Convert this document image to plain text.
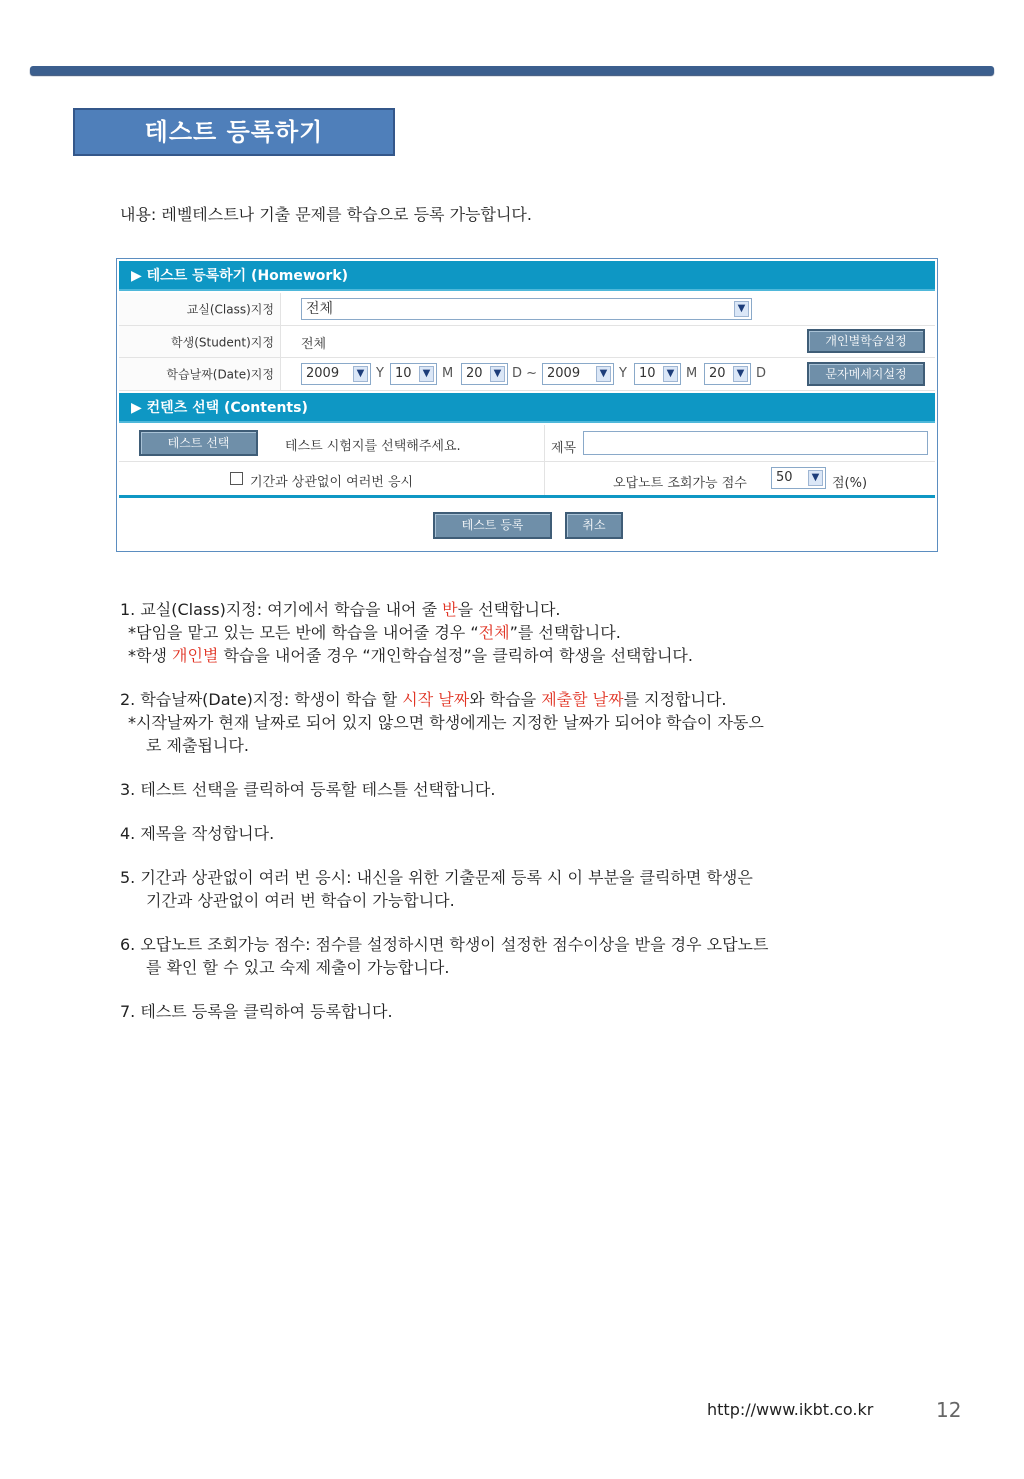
테스트 등록하기
내용: 레벨테스트나 기출 문제를 학습으로 등록 가능합니다.
▶ 테스트 등록하기 (Homework)
교실(Class)지정	전체	▼
학생(Student)지정 전체	개인별학습설정
학습날짜(Date)지정	2009	▼ Y 10	▼ M 20	▼ D ~ 2009	▼ Y 10	▼ M 20	▼ D	문자메세지설정
▶ 컨텐츠 선택 (Contents)
테스트 선택	테스트 시험지를 선택해주세요.	제목
기간과 상관없이 여러번 응시	오답노트 조회가능 점수	50	▼ 점(%)
테스트 등록	취소

1. 교실(Class)지정: 여기에서 학습을 내어 줄 반을 선택합니다.

*담임을 맡고 있는 모든 반에 학습을 내어줄 경우 “전체”를 선택합니다.

*학생 개인별 학습을 내어줄 경우 “개인학습설정”을 클릭하여 학생을 선택합니다.

2. 학습날짜(Date)지정: 학생이 학습 할 시작 날짜와 학습을 제출할 날짜를 지정합니다.

*시작날짜가 현재 날짜로 되어 있지 않으면 학생에게는 지정한 날짜가 되어야 학습이 자동으

로 제출됩니다.

3. 테스트 선택을 클릭하여 등록할 테스틀 선택합니다.

4. 제목을 작성합니다.

5. 기간과 상관없이 여러 번 응시: 내신을 위한 기출문제 등록 시 이 부분을 클릭하면 학생은

기간과 상관없이 여러 번 학습이 가능합니다.

6. 오답노트 조회가능 점수: 점수를 설정하시면 학생이 설정한 점수이상을 받을 경우 오답노트

를 확인 할 수 있고 숙제 제출이 가능합니다.

7. 테스트 등록을 클릭하여 등록합니다.

http://www.ikbt.co.kr	12
